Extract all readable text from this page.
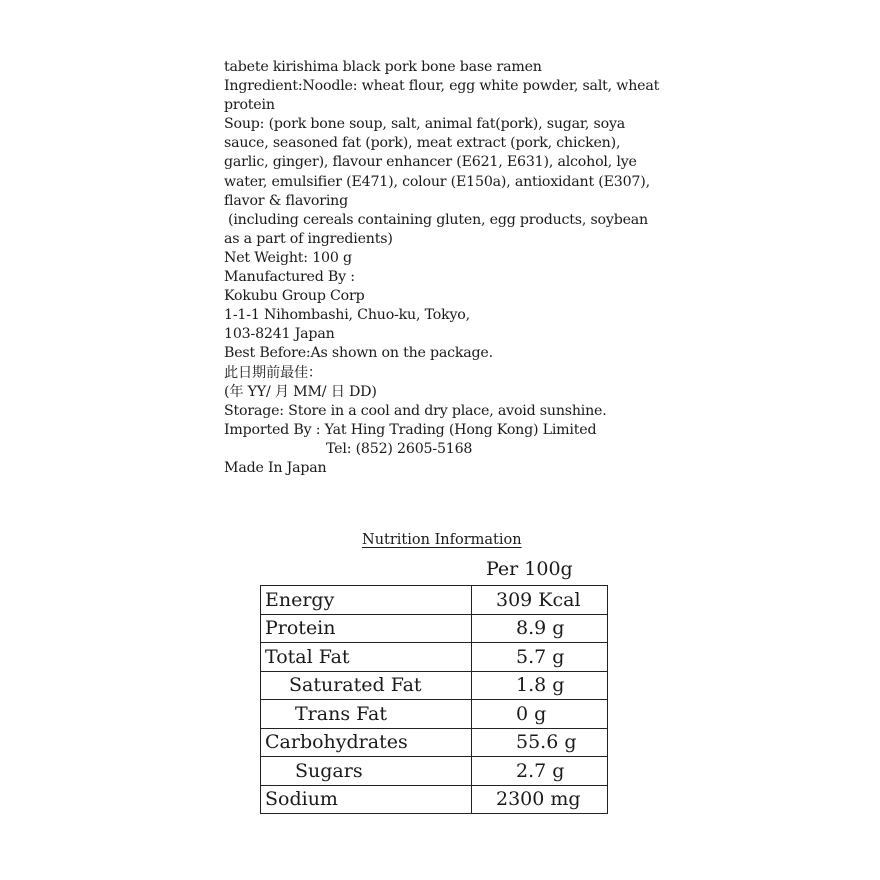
tabete kirishima black pork bone base ramen
Ingredient:Noodle: wheat flour, egg white powder, salt, wheat
protein
Soup: (pork bone soup, salt, animal fat(pork), sugar, soya
sauce, seasoned fat (pork), meat extract (pork, chicken),
garlic, ginger), flavour enhancer (E621, E631), alcohol, lye
water, emulsifier (E471), colour (E150a), antioxidant (E307),
flavor & flavoring
(including cereals containing gluten, egg products, soybean
as a part of ingredients)
Net Weight: 100 g
Manufactured By :
Kokubu Group Corp
1-1-1 Nihombashi, Chuo-ku, Tokyo,
103-8241 Japan
Best Before:As shown on the package.
此日期前最佳：
(年 YY/ 月 MM/ 日 DD)
Storage: Store in a cool and dry place, avoid sunshine.
Imported By : Yat Hing Trading (Hong Kong) Limited
Tel: (852) 2605-5168
Made In Japan
Nutrition Information
Per 100g
Energy	309 Kcal
Protein	8.9 g
Total Fat	5.7 g
Saturated Fat	1.8 g
Trans Fat	0 g
Carbohydrates	55.6 g
Sugars	2.7 g
Sodium	2300 mg
